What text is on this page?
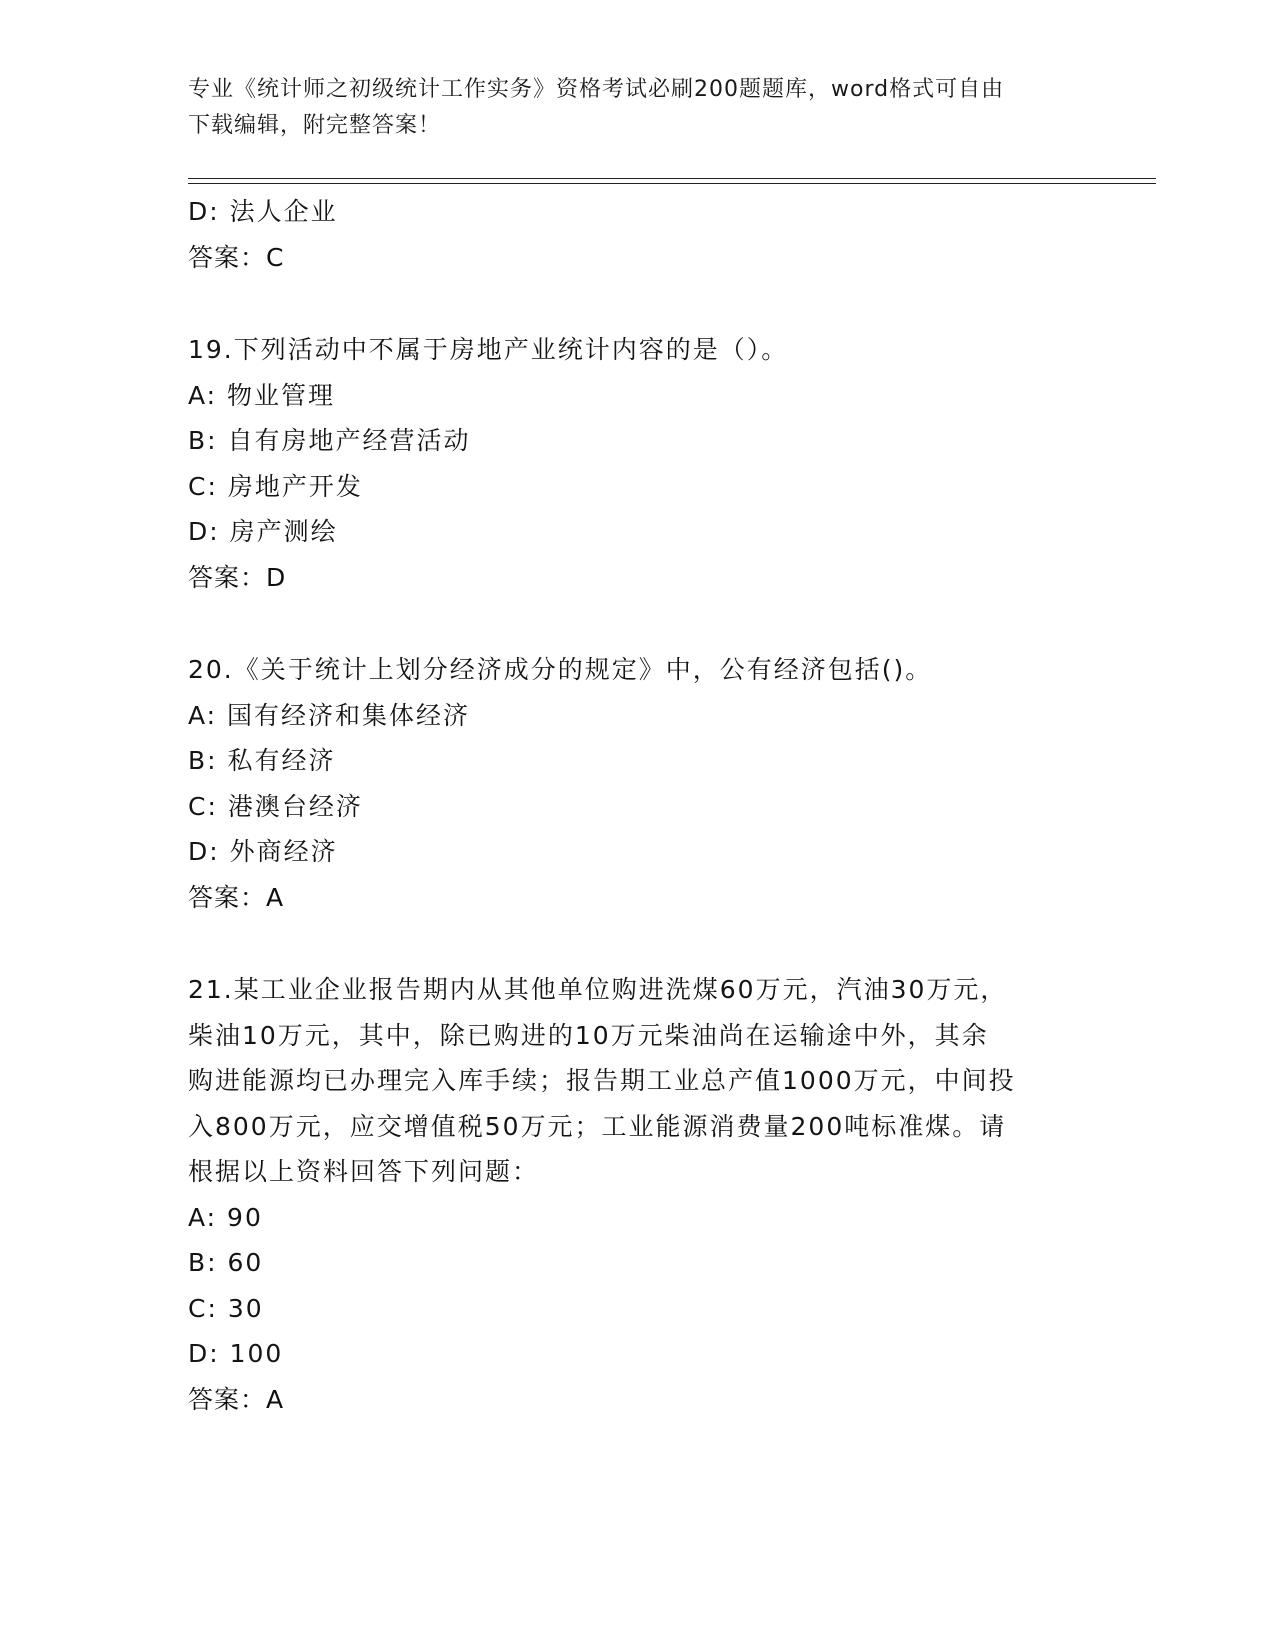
专业《统计师之初级统计工作实务》资格考试必刷200题题库，word格式可自由
下载编辑，附完整答案！
D: 法人企业
答案：C
19.下列活动中不属于房地产业统计内容的是（）。
A: 物业管理
B: 自有房地产经营活动
C: 房地产开发
D: 房产测绘
答案：D
20.《关于统计上划分经济成分的规定》中，公有经济包括()。
A: 国有经济和集体经济
B: 私有经济
C: 港澳台经济
D: 外商经济
答案：A
21.某工业企业报告期内从其他单位购进洗煤60万元，汽油30万元，
柴油10万元，其中，除已购进的10万元柴油尚在运输途中外，其余
购进能源均已办理完入库手续；报告期工业总产值1000万元，中间投
入800万元，应交增值税50万元；工业能源消费量200吨标准煤。请
根据以上资料回答下列问题：
A: 90
B: 60
C: 30
D: 100
答案：A
